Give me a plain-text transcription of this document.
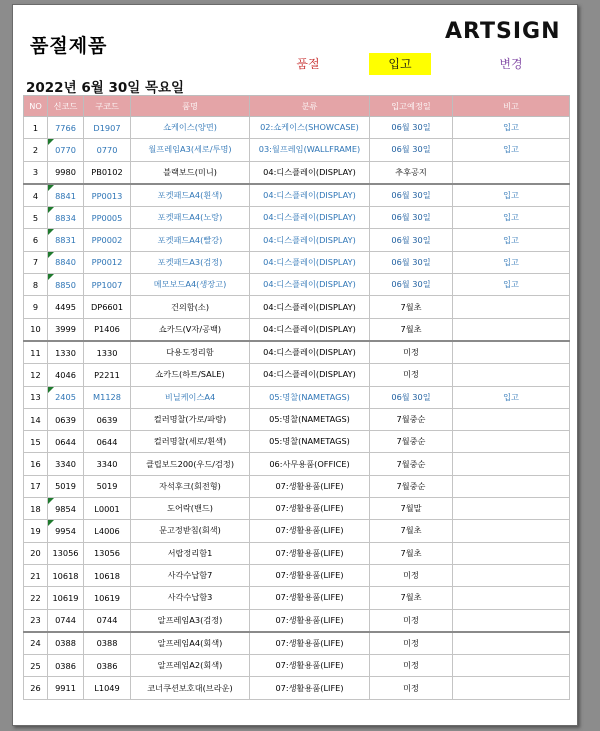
품절제품
ARTSIGN
품절	입고	변경
2022년 6월 30일 목요일
NO	신코드	구코드	품명	분류	입고예정일	비고
1	7766	D1907	쇼케이스(양면)	02:쇼케이스(SHOWCASE)	06월 30일	입고
2	0770	0770	월프레임A3(세로/투명)	03:월프레임(WALLFRAME)	06월 30일	입고
3	9980	PB0102	블랙보드(미니)	04:디스플레이(DISPLAY)	추후공지	
4	8841	PP0013	포켓패드A4(흰색)	04:디스플레이(DISPLAY)	06월 30일	입고
5	8834	PP0005	포켓패드A4(노랑)	04:디스플레이(DISPLAY)	06월 30일	입고
6	8831	PP0002	포켓패드A4(빨강)	04:디스플레이(DISPLAY)	06월 30일	입고
7	8840	PP0012	포켓패드A3(검정)	04:디스플레이(DISPLAY)	06월 30일	입고
8	8850	PP1007	메모보드A4(생장고)	04:디스플레이(DISPLAY)	06월 30일	입고
9	4495	DP6601	건의함(소)	04:디스플레이(DISPLAY)	7월초	
10	3999	P1406	쇼카드(V자/공백)	04:디스플레이(DISPLAY)	7월초	
11	1330	1330	다용도정리함	04:디스플레이(DISPLAY)	미정	
12	4046	P2211	쇼카드(하트/SALE)	04:디스플레이(DISPLAY)	미정	
13	2405	M1128	비닐케이스A4	05:명찰(NAMETAGS)	06월 30일	입고
14	0639	0639	컬러명찰(가로/파랑)	05:명찰(NAMETAGS)	7월중순	
15	0644	0644	컬러명찰(세로/흰색)	05:명찰(NAMETAGS)	7월중순	
16	3340	3340	클립보드200(우드/검정)	06:사무용품(OFFICE)	7월중순	
17	5019	5019	자석후크(회전형)	07:생활용품(LIFE)	7월중순	
18	9854	L0001	도어락(밴드)	07:생활용품(LIFE)	7월말	
19	9954	L4006	문고정받침(회색)	07:생활용품(LIFE)	7월초	
20	13056	13056	서랍정리함1	07:생활용품(LIFE)	7월초	
21	10618	10618	사각수납함7	07:생활용품(LIFE)	미정	
22	10619	10619	사각수납함3	07:생활용품(LIFE)	7월초	
23	0744	0744	알프레임A3(검정)	07:생활용품(LIFE)	미정	
24	0388	0388	알프레임A4(회색)	07:생활용품(LIFE)	미정	
25	0386	0386	알프레임A2(회색)	07:생활용품(LIFE)	미정	
26	9911	L1049	코너쿠션보호대(브라운)	07:생활용품(LIFE)	미정	
